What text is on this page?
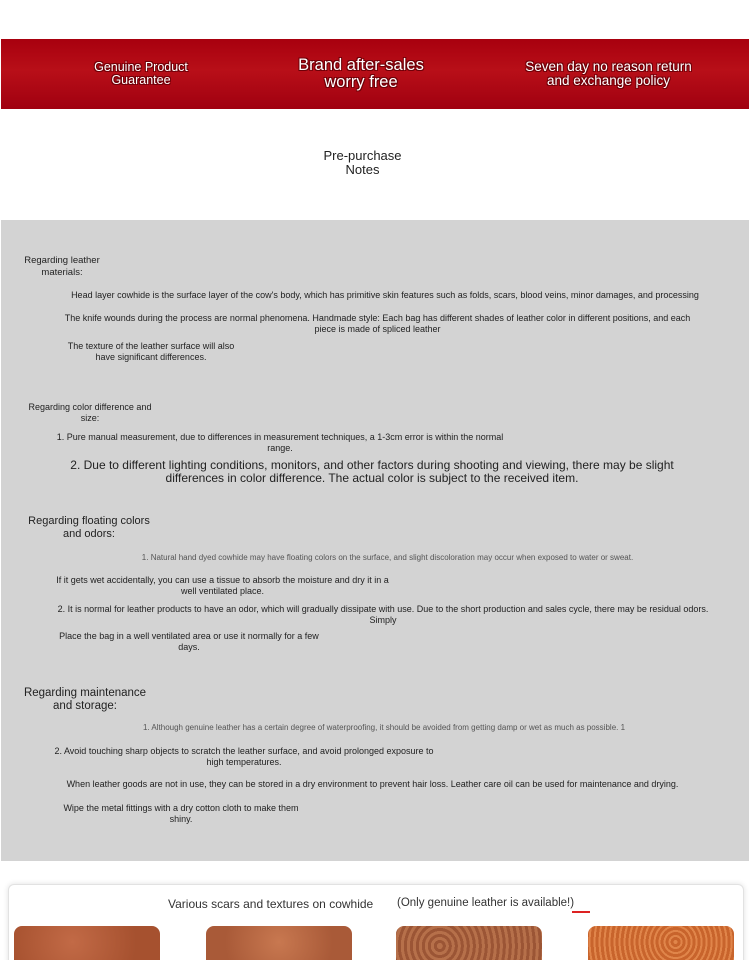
Genuine Product
Guarantee
Brand after-sales
worry free
Seven day no reason return
and exchange policy
Pre-purchase
Notes
Regarding leather materials:
Head layer cowhide is the surface layer of the cow's body, which has primitive skin features such as folds, scars, blood veins, minor damages, and processing
The knife wounds during the process are normal phenomena. Handmade style: Each bag has different shades of leather color in different positions, and each piece is made of spliced leather
The texture of the leather surface will also have significant differences.
Regarding color difference and size:
1. Pure manual measurement, due to differences in measurement techniques, a 1-3cm error is within the normal range.
2. Due to different lighting conditions, monitors, and other factors during shooting and viewing, there may be slight differences in color difference. The actual color is subject to the received item.
Regarding floating colors and odors:
1. Natural hand dyed cowhide may have floating colors on the surface, and slight discoloration may occur when exposed to water or sweat.
If it gets wet accidentally, you can use a tissue to absorb the moisture and dry it in a well ventilated place.
2. It is normal for leather products to have an odor, which will gradually dissipate with use. Due to the short production and sales cycle, there may be residual odors. Simply
Place the bag in a well ventilated area or use it normally for a few days.
Regarding maintenance and storage:
1. Although genuine leather has a certain degree of waterproofing, it should be avoided from getting damp or wet as much as possible. 1
2. Avoid touching sharp objects to scratch the leather surface, and avoid prolonged exposure to high temperatures.
When leather goods are not in use, they can be stored in a dry environment to prevent hair loss. Leather care oil can be used for maintenance and drying.
Wipe the metal fittings with a dry cotton cloth to make them shiny.
Various scars and textures on cowhide (Only genuine leather is available!)
